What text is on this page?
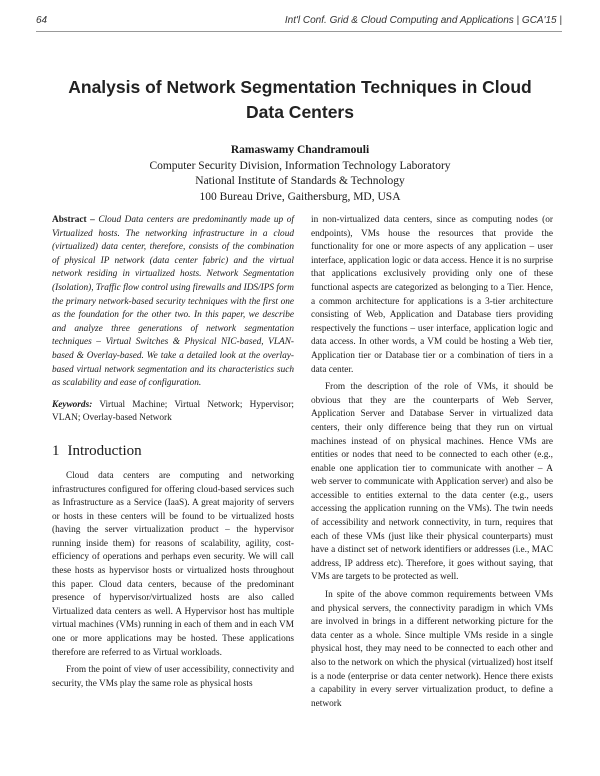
64	Int'l Conf. Grid & Cloud Computing and Applications | GCA'15 |
Analysis of Network Segmentation Techniques in Cloud Data Centers
Ramaswamy Chandramouli
Computer Security Division, Information Technology Laboratory
National Institute of Standards & Technology
100 Bureau Drive, Gaithersburg, MD, USA

Abstract – Cloud Data centers are predominantly made up of Virtualized hosts. The networking infrastructure in a cloud (virtualized) data center, therefore, consists of the combination of physical IP network (data center fabric) and the virtual network residing in virtualized hosts. Network Segmentation (Isolation), Traffic flow control using firewalls and IDS/IPS form the primary network-based security techniques with the first one as the foundation for the other two. In this paper, we describe and analyze three generations of network segmentation techniques – Virtual Switches & Physical NIC-based, VLAN-based & Overlay-based. We take a detailed look at the overlay-based virtual network segmentation and its characteristics such as scalability and ease of configuration.

Keywords: Virtual Machine; Virtual Network; Hypervisor; VLAN; Overlay-based Network

1 Introduction

Cloud data centers are computing and networking infrastructures configured for offering cloud-based services such as Infrastructure as a Service (IaaS). A great majority of servers or hosts in these centers will be found to be virtualized hosts (having the server virtualization product – the hypervisor running inside them) for reasons of scalability, agility, cost-efficiency of operations and perhaps even security. We will call these hosts as hypervisor hosts or virtualized hosts throughout this paper. Cloud data centers, because of the predominant presence of hypervisor/virtualized hosts are also called Virtualized data centers as well. A Hypervisor host has multiple virtual machines (VMs) running in each of them and in each VM one or more applications may be hosted. These applications therefore are referred to as Virtual workloads.

From the point of view of user accessibility, connectivity and security, the VMs play the same role as physical hosts

in non-virtualized data centers, since as computing nodes (or endpoints), VMs house the resources that provide the functionality for one or more aspects of any application – user interface, application logic or data access. Hence it is no surprise that applications exclusively providing only one of these functional aspects are categorized as belonging to a Tier. Hence, a common architecture for applications is a 3-tier architecture consisting of Web, Application and Database tiers providing respectively the functions – user interface, application logic and data access. In other words, a VM could be hosting a Web tier, Application tier or Database tier or a combination of tiers in a data center.

From the description of the role of VMs, it should be obvious that they are the counterparts of Web Server, Application Server and Database Server in virtualized data centers, their only difference being that they run on virtual machines instead of on physical machines. Hence VMs are entities or nodes that need to be connected to each other (e.g., enable one application tier to communicate with another – A web server to communicate with Application server) and also be accessible to entities external to the data center (e.g., users accessing the application running on the VMs). The twin needs of accessibility and network connectivity, in turn, requires that each of these VMs (just like their physical counterparts) must have a distinct set of network identifiers or addresses (i.e., MAC address, IP address etc). Therefore, it goes without saying, that VMs are targets to be protected as well.

In spite of the above common requirements between VMs and physical servers, the connectivity paradigm in which VMs are involved in brings in a different networking picture for the data center as a whole. Since multiple VMs reside in a single physical host, they may need to be connected to each other and also to the network on which the physical (virtualized) host itself is a node (enterprise or data center network). Hence there exists a capability in every server virtualization product, to define a network
